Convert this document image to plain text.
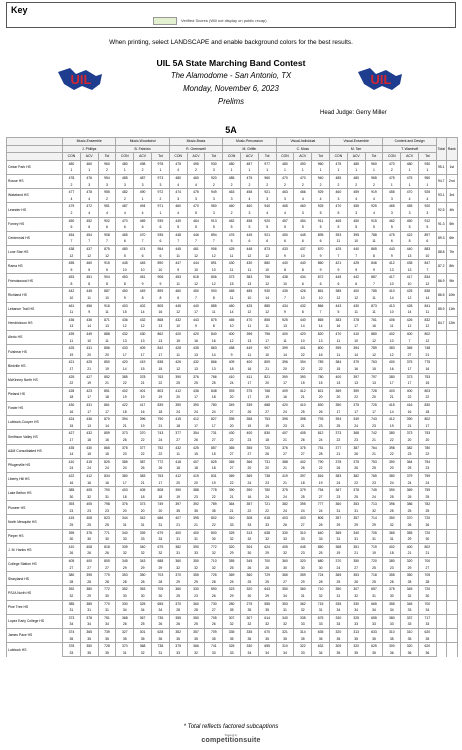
Key
Verified Scores (Will not display on public recap)
When printing, select LANDSCAPE and enable background colors for the best results.
UIL	UIL
UIL 5A State Marching Band Contest
The Alamodome - San Antonio, TX
Monday, November 6, 2023
Prelims
Head Judge: Gerry Miller
5A
	Music-Ensemble			Music-Woodwind			Music-Brass			Music-Percussion			Visual-Individual			Visual-Ensemble			Content and Design			Total	Rank
	J. Phillips			B. Fabrizio			R. Greenwell			M. Griffin			C. Moss			M. Tarr			T. Wamhoff				
	CON	ACV	Tot	CON	ACV	Tot	CON	ACV	Tot	CON	ACV	Tot	CON	ACV	Tot	CON	ACV	Tot	CON	ACV	Tot		
Cedar Park HS	480	460	960	480	498	978	475	495	930	480	487	977	480	490	960	475	485	960	470	480	930	95.1	1st
	1	1	2	1	2	1	4	2	3	1	1	1	1	1	1	1	1	1	2	1	1		
Rouse HS	478	476	954	485	487	973	480	460	920	485	475	960	470	470	940	485	480	965	475	475	950	94.7	2nd
	2	3	3	3	3	3	4	4	2	2	2	2	2	2	2	2	2	2	1	1	1		
Wakeland HS	477	478	955	482	490	972	474	475	949	463	458	921	463	466	929	460	459	919	455	470	925	93.1	3rd
	4	4	2	2	1	2	3	3	3	3	4	3	3	4	4	3	4	4	3	4	4		
Leander HS	479	472	951	487	494	971	460	470	950	460	460	940	465	460	925	470	455	925	465	455	920	92.5	4th
	2	4	4	4	4	1	4	5	3	2	3	4	4	3	5	5	3	4	3	3	3		
Forney HS	450	452	902	470	469	939	449	464	913	462	458	920	457	454	911	465	450	915	462	450	912	91.3	5th
	6	6	6	6	6	6	5	5	5	5	5	5	5	5	5	5	5	5	5	5	5		
Centennial HS	454	454	908	465	470	935	448	446	894	476	445	921	450	445	895	393	395	788	475	422	897	89.3	6th
	7	7	7	6	7	6	7	7	7	5	6	6	6	6	6	11	10	11	6	8	6		
Lone Star HS	438	437	875	480	474	954	445	461	906	425	448	873	433	437	870	425	440	865	443	440	883	88.8	7th
	12	12	12	5	6	6	11	12	12	11	12	12	9	10	9	7	7	8	9	13	10		
Rama HS	455	460	915	445	445	890	447	444	891	430	430	880	440	440	860	421	425	846	412	435	847	87.2	8th
	5	5	5	10	10	10	9	10	10	11	11	10	8	8	9	9	9	9	13	13	7		
Friendswood HS	453	451	904	453	451	906	453	618	806	373	383	756	438	434	872	445	442	887	417	417	834	86.9	9th
	8	8	8	8	9	9	11	12	12	15	13	12	10	6	6	6	6	7	10	10	12		
Richland HS	442	445	887	450	449	899	460	450	900	465	485	930	435	426	861	385	400	785	410	425	835	86.5	10th
	10	11	10	9	8	8	6	7	8	11	10	14	7	10	10	12	12	11	14	12	14		
Lebanon Trail HS	461	456	916	403	402	805	445	440	885	460	425	885	434	432	866	443	430	873	413	428	841	85.9	11th
	11	9	11	15	14	16	12	17	11	14	12	12	9	8	7	5	11	11	10	14	11		
Hendrickson HS	436	436	871	436	432	868	432	443	875	465	470	855	925	440	865	383	378	761	406	426	832	84.7	12th
	13	14	13	12	12	13	10	9	8	10	11	11	13	14	14	16	17	16	11	12	12		
Aledo HS	439	449	888	432	430	862	420	420	840	400	396	796	400	420	820	470	410	880	402	400	802		
	11	10	11	13	13	13	15	16	16	12	13	17	11	10	13	11	10	12	10	7	12		
Fulshear HS	425	431	856	433	409	842	428	435	863	458	449	907	399	401	800	395	394	789	383	365	748		
	19	20	20	17	17	17	11	13	14	9	11	10	14	22	16	11	14	12	12	27	21		
Birdville HS	421	425	850	420	419	838	426	432	866	409	400	809	396	394	789	384	379	763	400	375	775		
	17	21	19	14	15	15	12	13	13	18	16	21	20	22	22	15	16	15	16	17	16		
McKinney North HS	425	427	852	385	378	763	390	376	766	410	411	821	390	390	780	400	397	797	380	373	753		
	22	19	21	22	21	22	25	25	25	24	17	20	17	15	15	13	13	13	17	17	15		
Pieland HS	428	423	851	402	401	803	412	436	848	393	375	768	409	412	821	369	359	728	403	400	803		
	18	17	18	19	19	19	20	17	18	20	17	19	16	21	20	20	22	20	21	22	22		
Foster HS	430	431	861	422	417	839	390	390	780	349	339	688	420	410	830	350	375	725	415	416	830		
	16	17	17	18	16	18	24	24	24	27	26	27	24	25	26	17	17	17	14	16	18		
Lubbock-Cooper HS	424	436	870	394	396	790	415	412	827	395	358	753	395	398	793	394	349	743	412	390	802		
	15	13	14	21	19	21	18	17	17	20	19	19	23	21	23	25	24	23	19	21	17		
Smithson Valley HS	427	432	859	373	370	743	377	354	731	430	400	830	407	405	812	373	368	742	380	373	753		
	17	18	16	26	22	24	27	26	27	22	23	18	21	26	24	22	23	21	22	20	20		
A&M Consolidated HS	435	430	865	375	377	752	432	425	857	365	355	720	376	375	751	377	387	764	398	382	780		
	14	15	15	23	22	22	11	15	15	27	27	26	27	27	28	21	26	21	22	23	22		
Pflugerville HS	410	415	825	385	387	772	418	407	825	365	366	731	388	402	790	378	375	753	390	364	754		
	24	24	24	24	26	26	18	18	18	27	20	20	21	26	22	26	26	25	20	25	23		
Liberty Hill HS	422	412	834	380	383	763	412	419	831	369	369	738	419	397	816	383	382	765	380	379	759		
	16	16	16	17	21	17	20	20	19	22	24	23	21	18	19	24	22	23	24	24	24		
Lake Belton HS	385	405	790	403	405	808	390	388	778	390	390	780	375	379	754	367	378	745	390	369	759		
	30	32	31	18	18	18	19	23	22	21	16	24	24	25	27	23	25	24	25	25	25		
Pioneer HS	393	405	798	376	373	749	397	392	789	364	357	721	382	395	777	360	353	713	396	386	782		
	23	23	23	20	20	20	35	35	35	21	22	22	24	24	24	31	31	32	25	25	25		
North Mesquite HS	415	408	823	344	342	686	407	395	802	310	308	618	403	403	806	357	357	714	350	370	720		
	25	25	25	31	31	31	21	21	22	33	33	33	26	27	26	29	29	29	32	26	26		
Pieper HS	395	376	771	340	339	679	400	400	800	325	313	638	330	310	640	365	340	705	365	355	720		
	30	30	30	33	33	33	31	31	30	32	32	32	33	33	33	31	31	31	31	29	30		
J. M. Hanks HS	410	408	818	339	340	679	382	390	772	320	304	624	405	445	850	368	351	719	402	400	802		
	26	26	26	32	32	32	31	33	32	29	30	29	32	23	25	19	21	19	18	21	21		
College Station HS	405	400	805	345	343	688	360	350	710	355	345	700	360	320	680	370	350	720	380	320	700		
	27	27	27	29	29	29	32	32	32	25	26	26	30	30	30	24	27	25	23	29	27		
Sharyland HS	380	395	775	353	350	703	370	355	725	369	360	729	365	359	724	365	353	718	355	350	705		
	28	28	28	28	28	28	29	29	28	25	25	25	27	29	28	25	26	25	28	28	28		
PSJA North HS	392	380	772	352	353	705	360	330	690	323	320	643	350	360	710	350	307	657	375	345	720		
	32	29	30	30	30	30	25	23	26	29	30	29	34	31	32	31	32	31	30	32	30		
Pine Tree HS	385	385	770	330	325	655	370	360	730	280	275	555	353	362	715	335	330	665	355	345	700		
	31	31	31	34	34	34	28	28	27	35	35	35	31	32	31	34	34	34	34	33	34		
Lopez Early College HS	373	378	751	368	367	735	355	350	705	307	307	614	340	335	675	330	325	655	380	337	717		
	34	34	34	26	25	26	26	25	26	32	32	32	32	33	33	33	33	33	33	33	33		
James Pace HS	374	365	739	327	301	628	352	357	709	335	335	670	321	314	635	320	313	633	310	310	620		
	35	35	35	35	35	35	35	35	35	35	35	35	35	35	35	35	35	35	35	35	35		
Lubbock HS	378	350	728	370	368	738	375	366	741	325	330	655	310	322	632	305	320	625	300	320	620		
	33	35	35	31	32	31	33	32	33	33	34	34	34	33	34	35	35	35	36	36	36		
* Total reflects factored subcaptions
Powered by
competitionsuite
